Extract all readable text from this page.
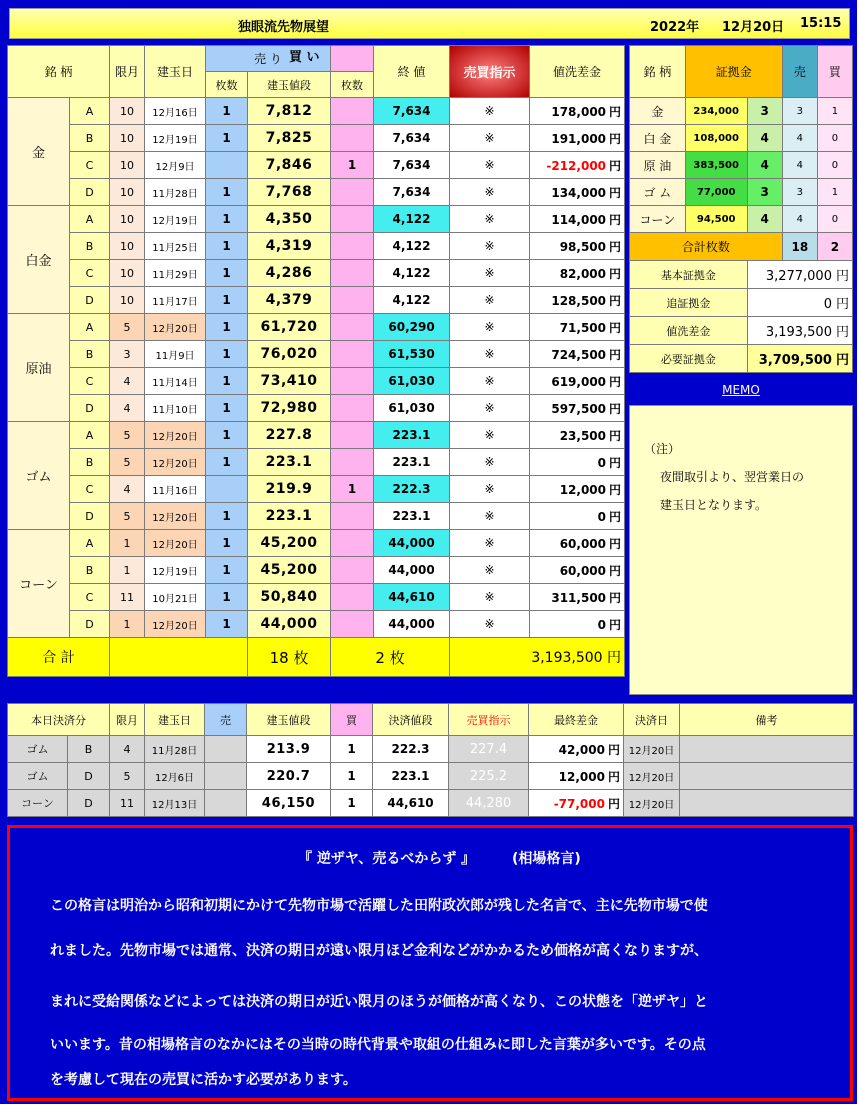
独眼流先物展望	2022年 12月20日 15:15
銘 柄		限月	建玉日	売 り			終 値	売買指示	値洗差金
				枚数	建玉値段	枚数			
金	A	10	12月16日	1	7,812		7,634	※	178,000 円
	B	10	12月19日	1	7,825		7,634	※	191,000 円
	C	10	12月9日		7,846	1	7,634	※	-212,000 円
	D	10	11月28日	1	7,768		7,634	※	134,000 円
白金	A	10	12月19日	1	4,350		4,122	※	114,000 円
	B	10	11月25日	1	4,319		4,122	※	98,500 円
	C	10	11月29日	1	4,286		4,122	※	82,000 円
	D	10	11月17日	1	4,379		4,122	※	128,500 円
原油	A	5	12月20日	1	61,720		60,290	※	71,500 円
	B	3	11月9日	1	76,020		61,530	※	724,500 円
	C	4	11月14日	1	73,410		61,030	※	619,000 円
	D	4	11月10日	1	72,980		61,030	※	597,500 円
ゴム	A	5	12月20日	1	227.8		223.1	※	23,500 円
	B	5	12月20日	1	223.1		223.1	※	0 円
	C	4	11月16日		219.9	1	222.3	※	12,000 円
	D	5	12月20日	1	223.1		223.1	※	0 円
コーン	A	1	12月20日	1	45,200		44,000	※	60,000 円
	B	1	12月19日	1	45,200		44,000	※	60,000 円
	C	11	10月21日	1	50,840		44,610	※	311,500 円
	D	1	12月20日	1	44,000		44,000	※	0 円
合 計					18 枚	2 枚		3,193,500 円	
買 い
銘 柄	証拠金		売	買
金	234,000	3	3	1
白 金	108,000	4	4	0
原 油	383,500	4	4	0
ゴ ム	77,000	3	3	1
コーン	94,500	4	4	0
合計枚数			18	2
基本証拠金		3,277,000 円		
追証拠金		0 円		
値洗差金		3,193,500 円		
必要証拠金		3,709,500 円		
MEMO
（注）
夜間取引より、翌営業日の
建玉日となります。
本日決済分		限月	建玉日	売	建玉値段	買	決済値段	売買指示	最終差金	決済日	備考
ゴム	B	4	11月28日		213.9	1	222.3	227.4	42,000 円	12月20日	
ゴム	D	5	12月6日		220.7	1	223.1	225.2	12,000 円	12月20日	
コーン	D	11	12月13日		46,150	1	44,610	44,280	-77,000 円	12月20日	
『 逆ザヤ、売るべからず 』	(相場格言)
この格言は明治から昭和初期にかけて先物市場で活躍した田附政次郎が残した名言で、主に先物市場で使
れました。先物市場では通常、決済の期日が遠い限月ほど金利などがかかるため価格が高くなりますが、
まれに受給関係などによっては決済の期日が近い限月のほうが価格が高くなり、この状態を「逆ザヤ」と
いいます。昔の相場格言のなかにはその当時の時代背景や取組の仕組みに即した言葉が多いです。その点
を考慮して現在の売買に活かす必要があります。
